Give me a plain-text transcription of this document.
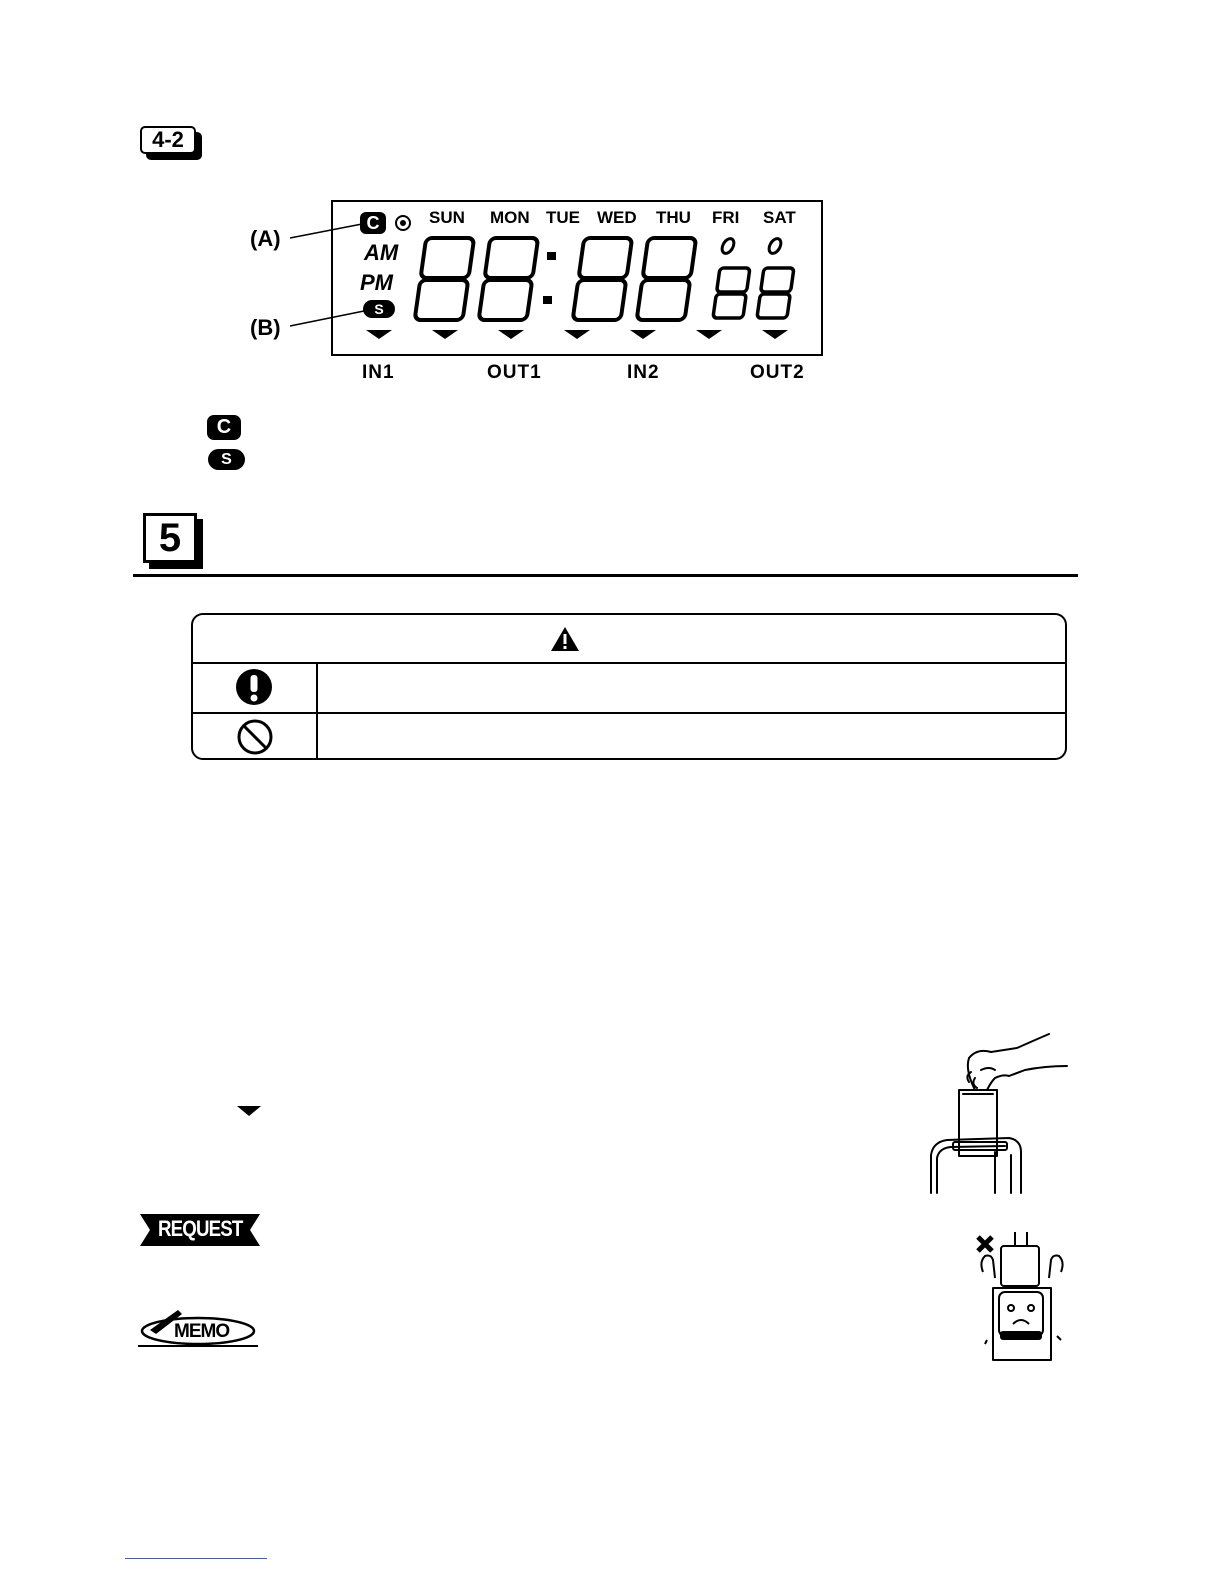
4-2
(A)
(B)
C	SUN MON TUE WED THU FRI SAT
AM
PM
S
IN1	OUT1	IN2	OUT2
C
S
5
REQUEST
MEMO
